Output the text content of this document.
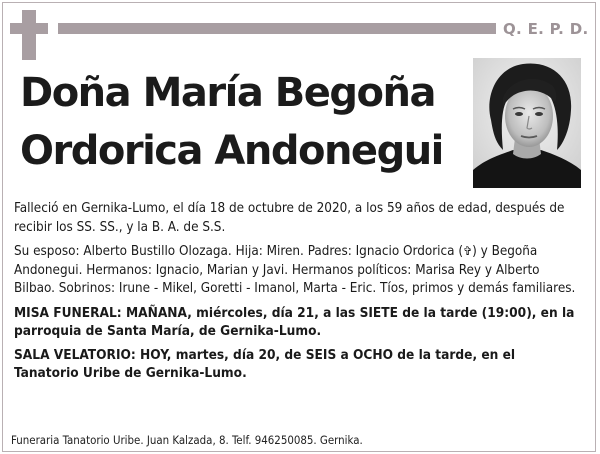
Q. E. P. D.
Doña María Begoña
Ordorica Andonegui

Falleció en Gernika-Lumo, el día 18 de octubre de 2020, a los 59 años de edad, después de recibir los SS. SS., y la B. A. de S.S.

Su esposo: Alberto Bustillo Olozaga. Hija: Miren. Padres: Ignacio Ordorica (✞) y Begoña Andonegui. Hermanos: Ignacio, Marian y Javi. Hermanos políticos: Marisa Rey y Alberto Bilbao. Sobrinos: Irune - Mikel, Goretti - Imanol, Marta - Eric. Tíos, primos y demás familiares.

MISA FUNERAL: MAÑANA, miércoles, día 21, a las SIETE de la tarde (19:00), en la parroquia de Santa María, de Gernika-Lumo.

SALA VELATORIO: HOY, martes, día 20, de SEIS a OCHO de la tarde, en el Tanatorio Uribe de Gernika-Lumo.

Funeraria Tanatorio Uribe. Juan Kalzada, 8. Telf. 946250085. Gernika.
